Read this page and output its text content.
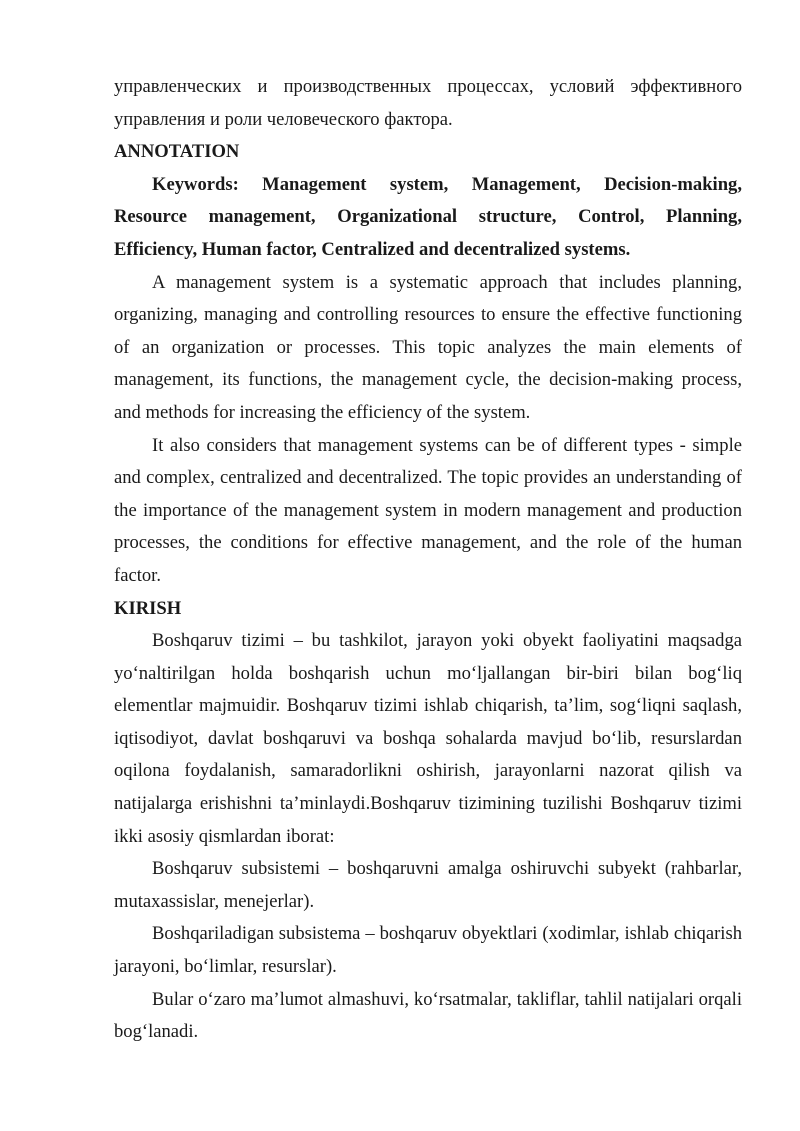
управленческих и производственных процессах, условий эффективного управления и роли человеческого фактора.

ANNOTATION

Keywords: Management system, Management, Decision-making, Resource management, Organizational structure, Control, Planning, Efficiency, Human factor, Centralized and decentralized systems.

A management system is a systematic approach that includes planning, organizing, managing and controlling resources to ensure the effective functioning of an organization or processes. This topic analyzes the main elements of management, its functions, the management cycle, the decision-making process, and methods for increasing the efficiency of the system.

It also considers that management systems can be of different types - simple and complex, centralized and decentralized. The topic provides an understanding of the importance of the management system in modern management and production processes, the conditions for effective management, and the role of the human factor.

KIRISH

Boshqaruv tizimi – bu tashkilot, jarayon yoki obyekt faoliyatini maqsadga yo‘naltirilgan holda boshqarish uchun mo‘ljallangan bir-biri bilan bog‘liq elementlar majmuidir. Boshqaruv tizimi ishlab chiqarish, ta’lim, sog‘liqni saqlash, iqtisodiyot, davlat boshqaruvi va boshqa sohalarda mavjud bo‘lib, resurslardan oqilona foydalanish, samaradorlikni oshirish, jarayonlarni nazorat qilish va natijalarga erishishni ta’minlaydi.Boshqaruv tizimining tuzilishi Boshqaruv tizimi ikki asosiy qismlardan iborat:

Boshqaruv subsistemi – boshqaruvni amalga oshiruvchi subyekt (rahbarlar, mutaxassislar, menejerlar).

Boshqariladigan subsistema – boshqaruv obyektlari (xodimlar, ishlab chiqarish jarayoni, bo‘limlar, resurslar).

Bular o‘zaro ma’lumot almashuvi, ko‘rsatmalar, takliflar, tahlil natijalari orqali bog‘lanadi.
